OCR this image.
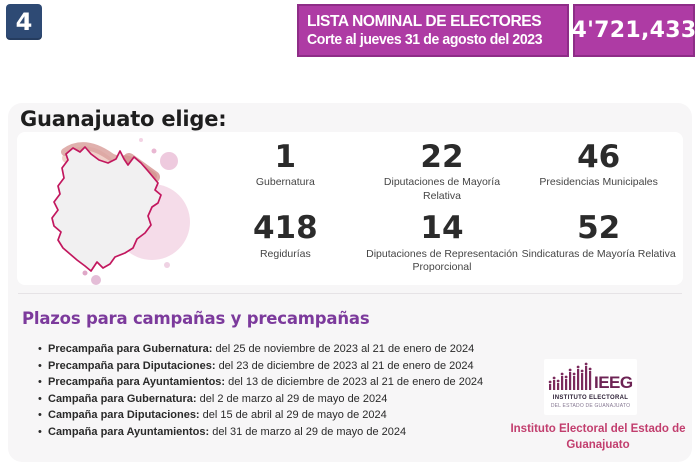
4	LISTA NOMINAL DE ELECTORES
Corte al jueves 31 de agosto del 2023 4'721,433
Guanajuato elige:
1
Gubernatura
22
Diputaciones de Mayoría Relativa
46
Presidencias Municipales
418
Regidurías
14
Diputaciones de Representación Proporcional
52
Sindicaturas de Mayoría Relativa
Plazos para campañas y precampañas
• Precampaña para Gubernatura: del 25 de noviembre de 2023 al 21 de enero de 2024
• Precampaña para Diputaciones: del 23 de diciembre de 2023 al 21 de enero de 2024
• Precampaña para Ayuntamientos: del 13 de diciembre de 2023 al 21 de enero de 2024
• Campaña para Gubernatura: del 2 de marzo al 29 de mayo de 2024
• Campaña para Diputaciones: del 15 de abril al 29 de mayo de 2024
• Campaña para Ayuntamientos: del 31 de marzo al 29 de mayo de 2024
IEEG
INSTITUTO ELECTORAL
DEL ESTADO DE GUANAJUATO
Instituto Electoral del Estado de Guanajuato
